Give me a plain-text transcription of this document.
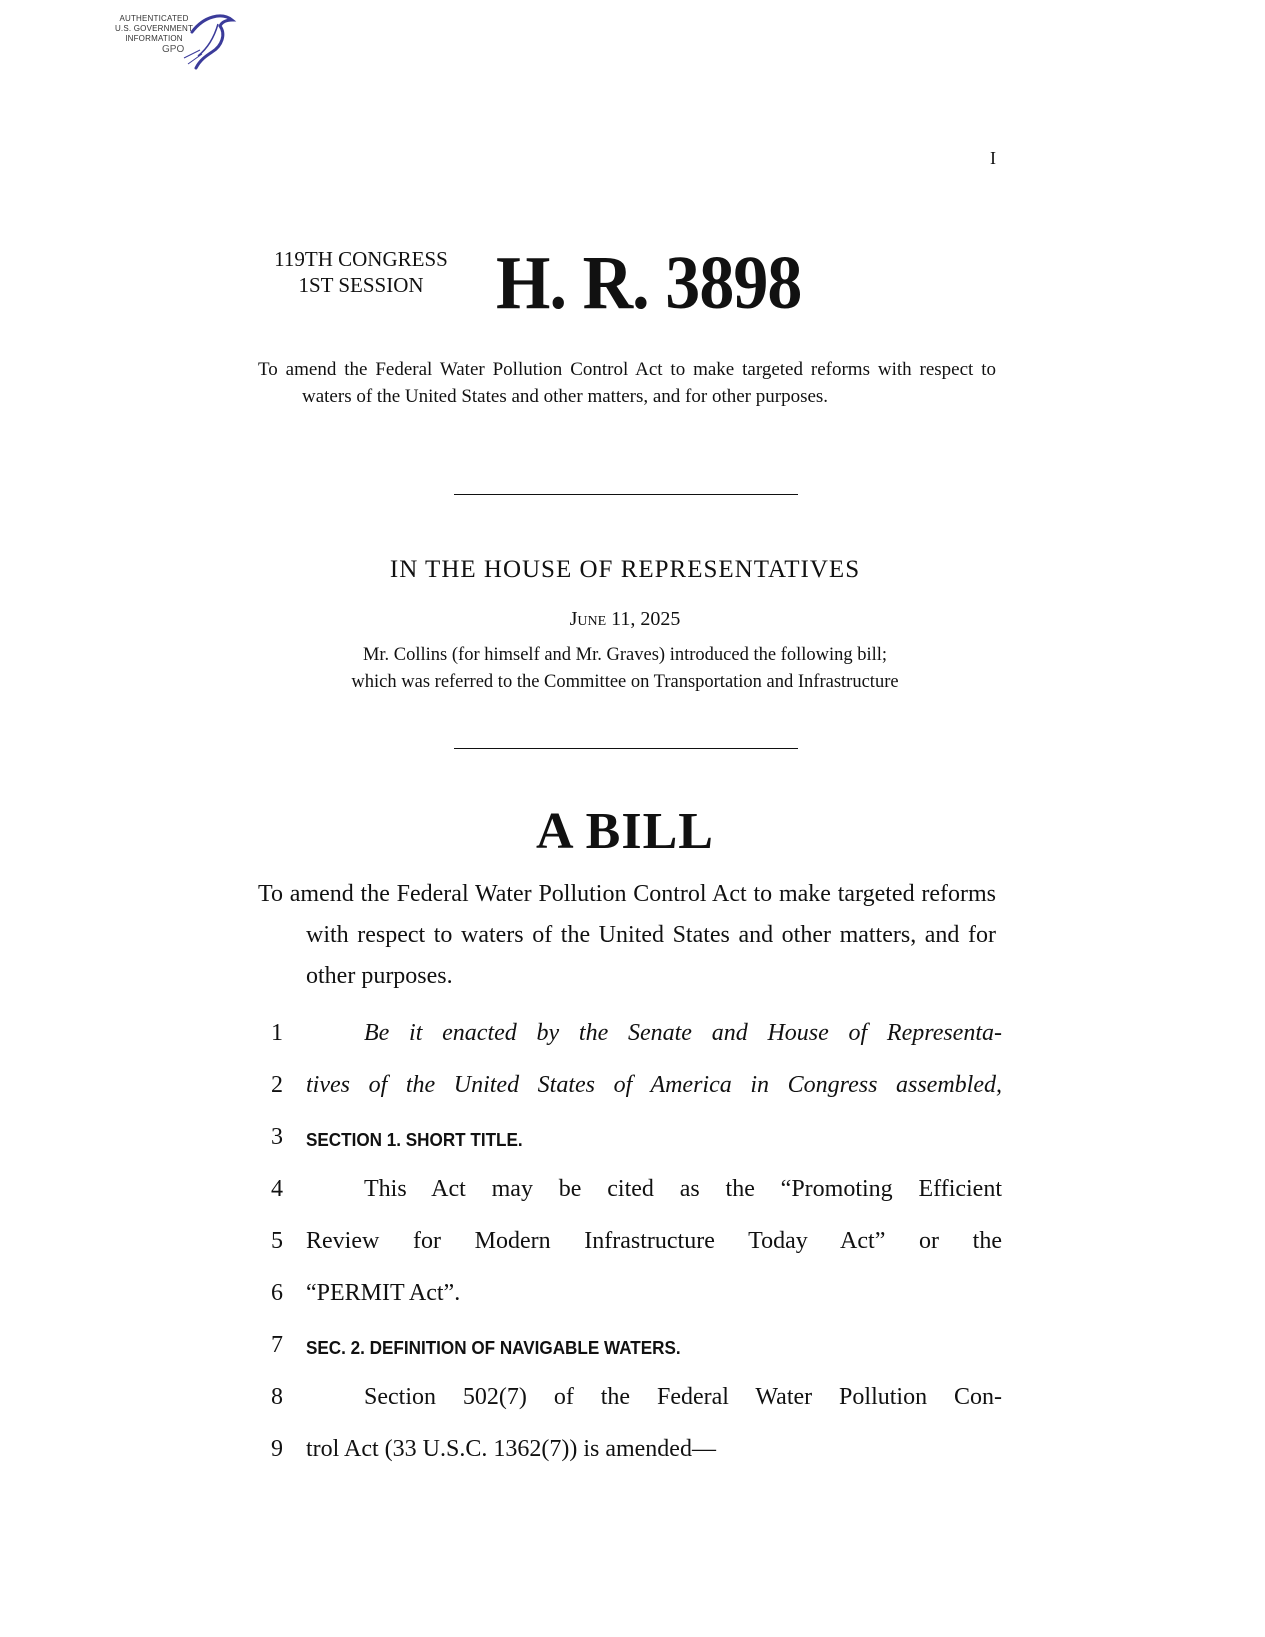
AUTHENTICATED
U.S. GOVERNMENT
INFORMATION
GPO
I
119TH CONGRESS
1ST SESSION H. R. 3898
To amend the Federal Water Pollution Control Act to make targeted reforms with respect to waters of the United States and other matters, and for other purposes.
IN THE HOUSE OF REPRESENTATIVES
June 11, 2025
Mr. Collins (for himself and Mr. Graves) introduced the following bill;
which was referred to the Committee on Transportation and Infrastructure
A BILL
To amend the Federal Water Pollution Control Act to make targeted reforms with respect to waters of the United States and other matters, and for other purposes.
1	Be it enacted by the Senate and House of Representa-
2 tives of the United States of America in Congress assembled,
3	SECTION 1. SHORT TITLE.
4	This Act may be cited as the “Promoting Efficient
5 Review for Modern Infrastructure Today Act” or the
6 “PERMIT Act”.
7	SEC. 2. DEFINITION OF NAVIGABLE WATERS.
8	Section 502(7) of the Federal Water Pollution Con-
9 trol Act (33 U.S.C. 1362(7)) is amended—
